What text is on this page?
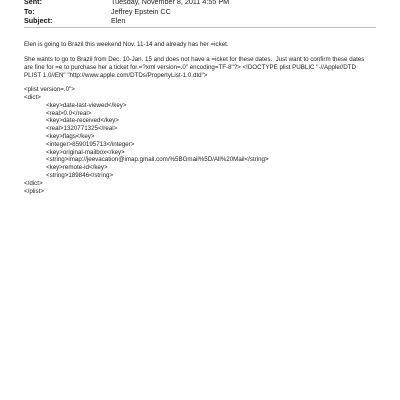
Sent:	Tuesday, November 8, 2011 4:55 PM
To:	Jeffrey Epstein CC
Subject:	Elen

Elen is going to Brazil this weekend Nov. 11-14 and already has her =icket.

She wants to go to Brazil from Dec. 10-Jan. 15 and does not have a =icket for these dates.  Just want to confirm these dates are fine for =e to purchase her a ticket for.=?xml version=.0" encoding=TF-8"?> <!DOCTYPE plist PUBLIC "-//Apple//DTD PLIST 1.0//EN" "http://www.apple.com/DTDs/PropertyList-1.0.dtd">

<plist version=.0">
<dict>
<key>date-last-viewed</key>
<real>0.0</real>
<key>date-received</key>
<real>1320771325</real>
<key>flags</key>
<integer>8590195713</integer>
<key>original-mailbox</key>
<string>imap://jeevacation@imap.gmail.com/%5BGmail%5D/All%20Mail</string>
<key>remote-id</key>
<string>189846</string>
</dict>
</plist>
